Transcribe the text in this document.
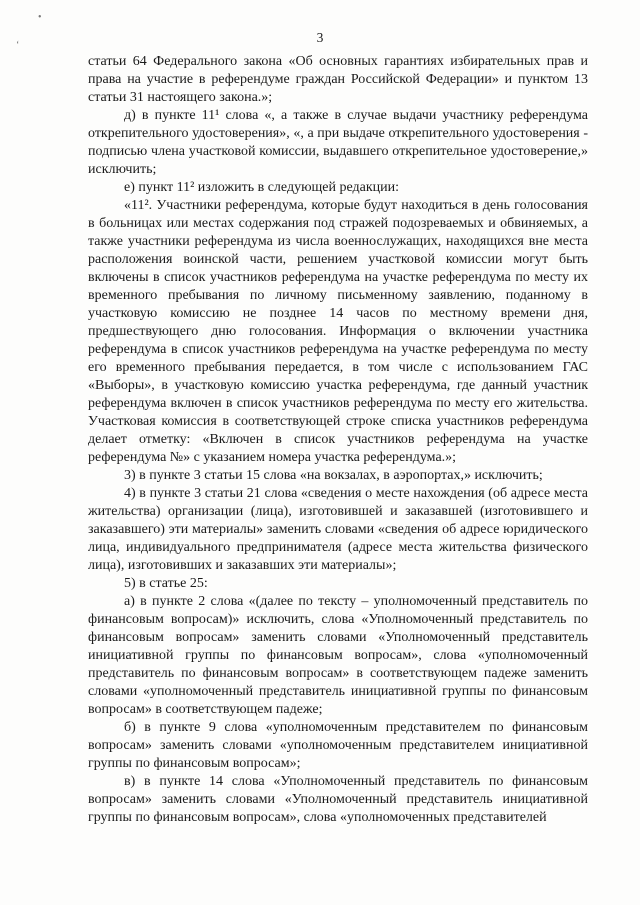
•
ʻ
3

статьи 64 Федерального закона «Об основных гарантиях избирательных прав и права на участие в референдуме граждан Российской Федерации» и пунктом 13 статьи 31 настоящего закона.»;

д) в пункте 11¹ слова «, а также в случае выдачи участнику референдума открепительного удостоверения», «, а при выдаче открепительного удостоверения - подписью члена участковой комиссии, выдавшего открепительное удостоверение,» исключить;

е) пункт 11² изложить в следующей редакции:

«11². Участники референдума, которые будут находиться в день голосования в больницах или местах содержания под стражей подозреваемых и обвиняемых, а также участники референдума из числа военнослужащих, находящихся вне места расположения воинской части, решением участковой комиссии могут быть включены в список участников референдума на участке референдума по месту их временного пребывания по личному письменному заявлению, поданному в участковую комиссию не позднее 14 часов по местному времени дня, предшествующего дню голосования. Информация о включении участника референдума в список участников референдума на участке референдума по месту его временного пребывания передается, в том числе с использованием ГАС «Выборы», в участковую комиссию участка референдума, где данный участник референдума включен в список участников референдума по месту его жительства. Участковая комиссия в соответствующей строке списка участников референдума делает отметку: «Включен в список участников референдума на участке референдума №» с указанием номера участка референдума.»;

3) в пункте 3 статьи 15 слова «на вокзалах, в аэропортах,» исключить;

4) в пункте 3 статьи 21 слова «сведения о месте нахождения (об адресе места жительства) организации (лица), изготовившей и заказавшей (изготовившего и заказавшего) эти материалы» заменить словами «сведения об адресе юридического лица, индивидуального предпринимателя (адресе места жительства физического лица), изготовивших и заказавших эти материалы»;

5) в статье 25:

а) в пункте 2 слова «(далее по тексту – уполномоченный представитель по финансовым вопросам)» исключить, слова «Уполномоченный представитель по финансовым вопросам» заменить словами «Уполномоченный представитель инициативной группы по финансовым вопросам», слова «уполномоченный представитель по финансовым вопросам» в соответствующем падеже заменить словами «уполномоченный представитель инициативной группы по финансовым вопросам» в соответствующем падеже;

б) в пункте 9 слова «уполномоченным представителем по финансовым вопросам» заменить словами «уполномоченным представителем инициативной группы по финансовым вопросам»;

в) в пункте 14 слова «Уполномоченный представитель по финансовым вопросам» заменить словами «Уполномоченный представитель инициативной группы по финансовым вопросам», слова «уполномоченных представителей
